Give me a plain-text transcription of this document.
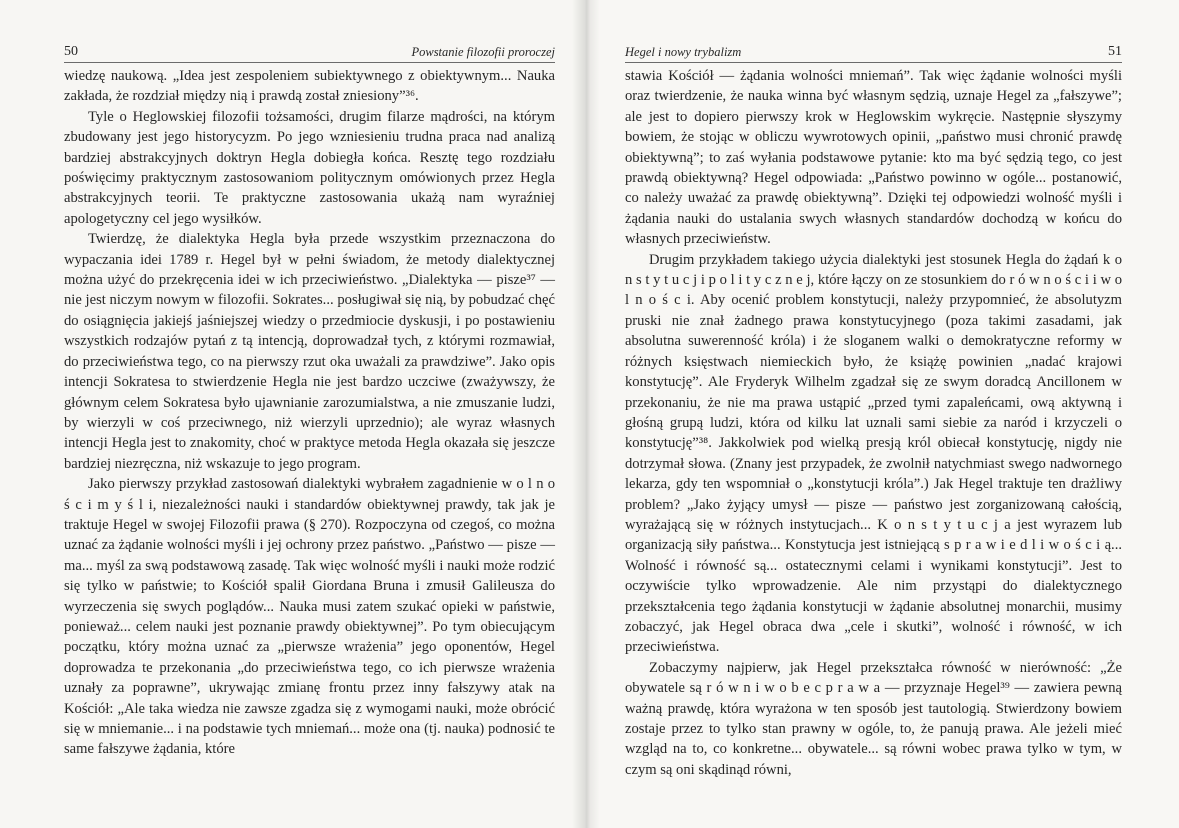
50	Powstanie filozofii proroczej

wiedzę naukową. „Idea jest zespoleniem subiektywnego z obiektywnym... Nauka zakłada, że rozdział między nią i prawdą został zniesiony”³⁶.

Tyle o Heglowskiej filozofii tożsamości, drugim filarze mądrości, na którym zbudowany jest jego historycyzm. Po jego wzniesieniu trudna praca nad analizą bardziej abstrakcyjnych doktryn Hegla dobiegła końca. Resztę tego rozdziału poświęcimy praktycznym zastosowaniom politycznym omówionych przez Hegla abstrakcyjnych teorii. Te praktyczne zastosowania ukażą nam wyraźniej apologetyczny cel jego wysiłków.

Twierdzę, że dialektyka Hegla była przede wszystkim przeznaczona do wypaczania idei 1789 r. Hegel był w pełni świadom, że metody dialektycznej można użyć do przekręcenia idei w ich przeciwieństwo. „Dialektyka — pisze³⁷ — nie jest niczym nowym w filozofii. Sokrates... posługiwał się nią, by pobudzać chęć do osiągnięcia jakiejś jaśniejszej wiedzy o przedmiocie dyskusji, i po postawieniu wszystkich rodzajów pytań z tą intencją, doprowadzał tych, z którymi rozmawiał, do przeciwieństwa tego, co na pierwszy rzut oka uważali za prawdziwe”. Jako opis intencji Sokratesa to stwierdzenie Hegla nie jest bardzo uczciwe (zważywszy, że głównym celem Sokratesa było ujawnianie zarozumialstwa, a nie zmuszanie ludzi, by wierzyli w coś przeciwnego, niż wierzyli uprzednio); ale wyraz własnych intencji Hegla jest to znakomity, choć w praktyce metoda Hegla okazała się jeszcze bardziej niezręczna, niż wskazuje to jego program.

Jako pierwszy przykład zastosowań dialektyki wybrałem zagadnienie w o l n o ś c i m y ś l i, niezależności nauki i standardów obiektywnej prawdy, tak jak je traktuje Hegel w swojej Filozofii prawa (§ 270). Rozpoczyna od czegoś, co można uznać za żądanie wolności myśli i jej ochrony przez państwo. „Państwo — pisze — ma... myśl za swą podstawową zasadę. Tak więc wolność myśli i nauki może rodzić się tylko w państwie; to Kościół spalił Giordana Bruna i zmusił Galileusza do wyrzeczenia się swych poglądów... Nauka musi zatem szukać opieki w państwie, ponieważ... celem nauki jest poznanie prawdy obiektywnej”. Po tym obiecującym początku, który można uznać za „pierwsze wrażenia” jego oponentów, Hegel doprowadza te przekonania „do przeciwieństwa tego, co ich pierwsze wrażenia uznały za poprawne”, ukrywając zmianę frontu przez inny fałszywy atak na Kościół: „Ale taka wiedza nie zawsze zgadza się z wymogami nauki, może obrócić się w mniemanie... i na podstawie tych mniemań... może ona (tj. nauka) podnosić te same fałszywe żądania, które

Hegel i nowy trybalizm	51

stawia Kościół — żądania wolności mniemań”. Tak więc żądanie wolności myśli oraz twierdzenie, że nauka winna być własnym sędzią, uznaje Hegel za „fałszywe”; ale jest to dopiero pierwszy krok w Heglowskim wykręcie. Następnie słyszymy bowiem, że stojąc w obliczu wywrotowych opinii, „państwo musi chronić prawdę obiektywną”; to zaś wyłania podstawowe pytanie: kto ma być sędzią tego, co jest prawdą obiektywną? Hegel odpowiada: „Państwo powinno w ogóle... postanowić, co należy uważać za prawdę obiektywną”. Dzięki tej odpowiedzi wolność myśli i żądania nauki do ustalania swych własnych standardów dochodzą w końcu do własnych przeciwieństw.

Drugim przykładem takiego użycia dialektyki jest stosunek Hegla do żądań k o n s t y t u c j i p o l i t y c z n e j, które łączy on ze stosunkiem do r ó w n o ś c i i w o l n o ś c i. Aby ocenić problem konstytucji, należy przypomnieć, że absolutyzm pruski nie znał żadnego prawa konstytucyjnego (poza takimi zasadami, jak absolutna suwerenność króla) i że sloganem walki o demokratyczne reformy w różnych księstwach niemieckich było, że książę powinien „nadać krajowi konstytucję”. Ale Fryderyk Wilhelm zgadzał się ze swym doradcą Ancillonem w przekonaniu, że nie ma prawa ustąpić „przed tymi zapaleńcami, ową aktywną i głośną grupą ludzi, która od kilku lat uznali sami siebie za naród i krzyczeli o konstytucję”³⁸. Jakkolwiek pod wielką presją król obiecał konstytucję, nigdy nie dotrzymał słowa. (Znany jest przypadek, że zwolnił natychmiast swego nadwornego lekarza, gdy ten wspomniał o „konstytucji króla”.) Jak Hegel traktuje ten drażliwy problem? „Jako żyjący umysł — pisze — państwo jest zorganizowaną całością, wyrażającą się w różnych instytucjach... K o n s t y t u c j a jest wyrazem lub organizacją siły państwa... Konstytucja jest istniejącą s p r a w i e d l i w o ś c i ą... Wolność i równość są... ostatecznymi celami i wynikami konstytucji”. Jest to oczywiście tylko wprowadzenie. Ale nim przystąpi do dialektycznego przekształcenia tego żądania konstytucji w żądanie absolutnej monarchii, musimy zobaczyć, jak Hegel obraca dwa „cele i skutki”, wolność i równość, w ich przeciwieństwa.

Zobaczymy najpierw, jak Hegel przekształca równość w nierówność: „Że obywatele są r ó w n i w o b e c p r a w a — przyznaje Hegel³⁹ — zawiera pewną ważną prawdę, która wyrażona w ten sposób jest tautologią. Stwierdzony bowiem zostaje przez to tylko stan prawny w ogóle, to, że panują prawa. Ale jeżeli mieć wzgląd na to, co konkretne... obywatele... są równi wobec prawa tylko w tym, w czym są oni skądinąd równi,
